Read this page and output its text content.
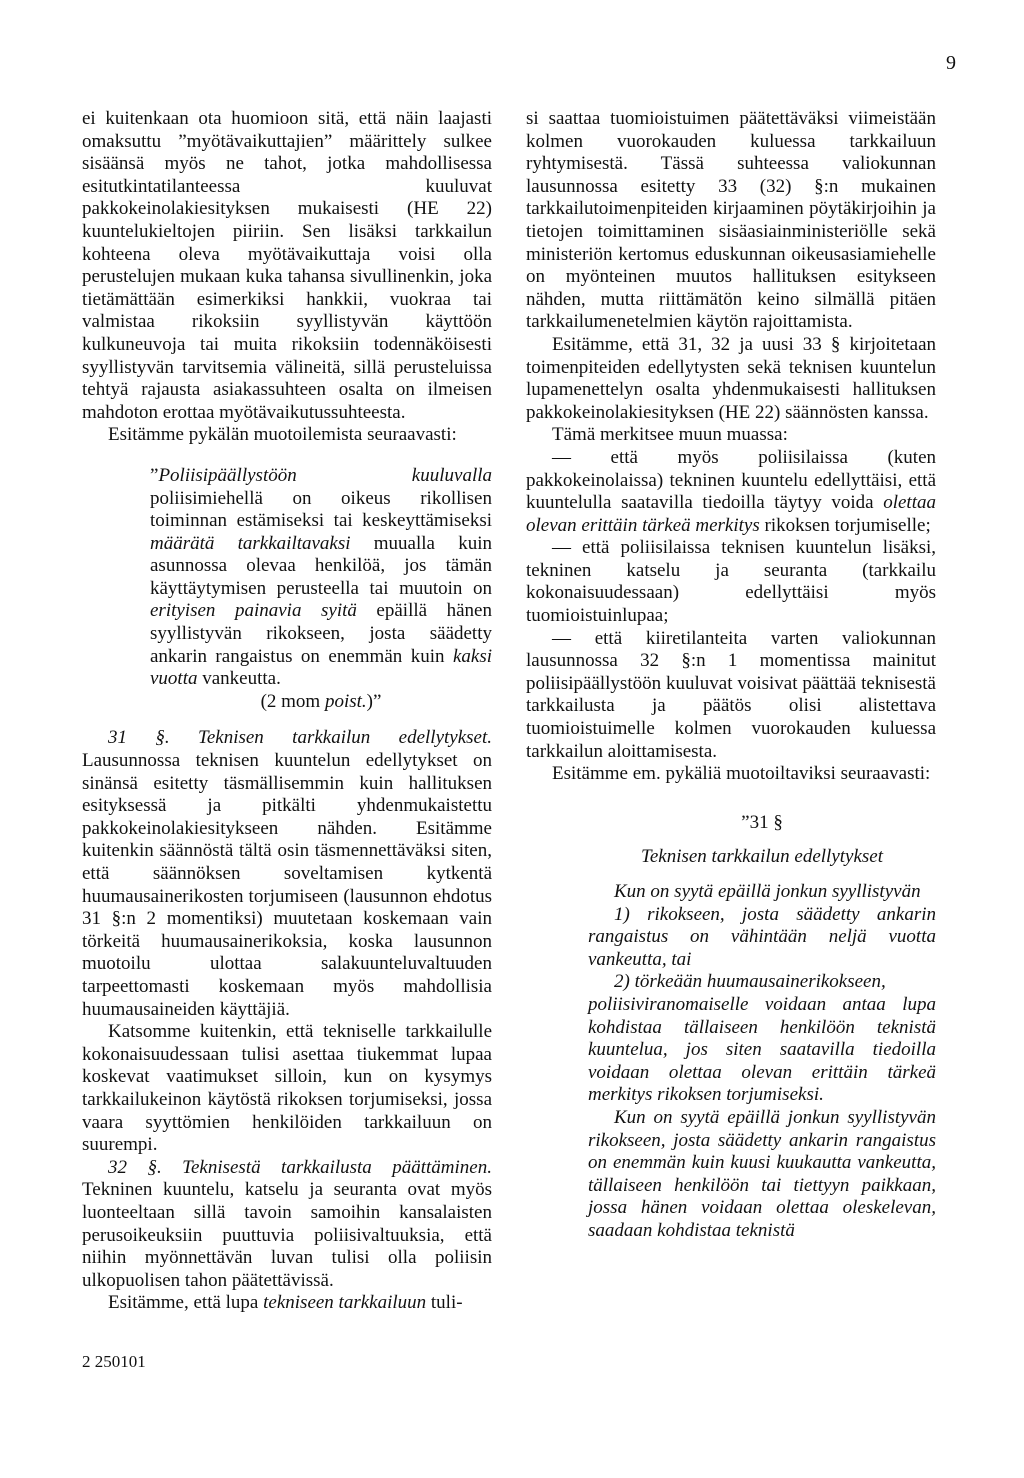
9

ei kuitenkaan ota huomioon sitä, että näin laajasti omaksuttu ”myötävaikuttajien” määrittely sulkee sisäänsä myös ne tahot, jotka mahdollisessa esitutkintatilanteessa kuuluvat pakkokeinolakiesityksen mukaisesti (HE 22) kuuntelukieltojen piiriin. Sen lisäksi tarkkailun kohteena oleva myötävaikuttaja voisi olla perustelujen mukaan kuka tahansa sivullinenkin, joka tietämättään esimerkiksi hankkii, vuokraa tai valmistaa rikoksiin syyllistyvän käyttöön kulkuneuvoja tai muita rikoksiin todennäköisesti syyllistyvän tarvitsemia välineitä, sillä perusteluissa tehtyä rajausta asiakassuhteen osalta on ilmeisen mahdoton erottaa myötävaikutussuhteesta.

Esitämme pykälän muotoilemista seuraavasti:

”Poliisipäällystöön kuuluvalla poliisimiehellä on oikeus rikollisen toiminnan estämiseksi tai keskeyttämiseksi määrätä tarkkailtavaksi muualla kuin asunnossa olevaa henkilöä, jos tämän käyttäytymisen perusteella tai muutoin on erityisen painavia syitä epäillä hänen syyllistyvän rikokseen, josta säädetty ankarin rangaistus on enemmän kuin kaksi vuotta vankeutta.

(2 mom poist.)”

31 §. Teknisen tarkkailun edellytykset. Lausunnossa teknisen kuuntelun edellytykset on sinänsä esitetty täsmällisemmin kuin hallituksen esityksessä ja pitkälti yhdenmukaistettu pakkokeinolakiesitykseen nähden. Esitämme kuitenkin säännöstä tältä osin täsmennettäväksi siten, että säännöksen soveltamisen kytkentä huumausainerikosten torjumiseen (lausunnon ehdotus 31 §:n 2 momentiksi) muutetaan koskemaan vain törkeitä huumausainerikoksia, koska lausunnon muotoilu ulottaa salakuunteluvaltuuden tarpeettomasti koskemaan myös mahdollisia huumausaineiden käyttäjiä.

Katsomme kuitenkin, että tekniselle tarkkailulle kokonaisuudessaan tulisi asettaa tiukemmat lupaa koskevat vaatimukset silloin, kun on kysymys tarkkailukeinon käytöstä rikoksen torjumiseksi, jossa vaara syyttömien henkilöiden tarkkailuun on suurempi.

32 §. Teknisestä tarkkailusta päättäminen. Tekninen kuuntelu, katselu ja seuranta ovat myös luonteeltaan sillä tavoin samoihin kansalaisten perusoikeuksiin puuttuvia poliisivaltuuksia, että niihin myönnettävän luvan tulisi olla poliisin ulkopuolisen tahon päätettävissä.

Esitämme, että lupa tekniseen tarkkailuun tuli-

si saattaa tuomioistuimen päätettäväksi viimeistään kolmen vuorokauden kuluessa tarkkailuun ryhtymisestä. Tässä suhteessa valiokunnan lausunnossa esitetty 33 (32) §:n mukainen tarkkailutoimenpiteiden kirjaaminen pöytäkirjoihin ja tietojen toimittaminen sisäasiainministeriölle sekä ministeriön kertomus eduskunnan oikeusasiamiehelle on myönteinen muutos hallituksen esitykseen nähden, mutta riittämätön keino silmällä pitäen tarkkailumenetelmien käytön rajoittamista.

Esitämme, että 31, 32 ja uusi 33 § kirjoitetaan toimenpiteiden edellytysten sekä teknisen kuuntelun lupamenettelyn osalta yhdenmukaisesti hallituksen pakkokeinolakiesityksen (HE 22) säännösten kanssa.

Tämä merkitsee muun muassa:

— että myös poliisilaissa (kuten pakkokeinolaissa) tekninen kuuntelu edellyttäisi, että kuuntelulla saatavilla tiedoilla täytyy voida olettaa olevan erittäin tärkeä merkitys rikoksen torjumiselle;

— että poliisilaissa teknisen kuuntelun lisäksi, tekninen katselu ja seuranta (tarkkailu kokonaisuudessaan) edellyttäisi myös tuomioistuinlupaa;

— että kiiretilanteita varten valiokunnan lausunnossa 32 §:n 1 momentissa mainitut poliisipäällystöön kuuluvat voisivat päättää teknisestä tarkkailusta ja päätös olisi alistettava tuomioistuimelle kolmen vuorokauden kuluessa tarkkailun aloittamisesta.

Esitämme em. pykäliä muotoiltaviksi seuraavasti:

”31 §

Teknisen tarkkailun edellytykset

Kun on syytä epäillä jonkun syyllistyvän

1) rikokseen, josta säädetty ankarin rangaistus on vähintään neljä vuotta vankeutta, tai

2) törkeään huumausainerikokseen,

poliisiviranomaiselle voidaan antaa lupa kohdistaa tällaiseen henkilöön teknistä kuuntelua, jos siten saatavilla tiedoilla voidaan olettaa olevan erittäin tärkeä merkitys rikoksen torjumiseksi.

Kun on syytä epäillä jonkun syyllistyvän rikokseen, josta säädetty ankarin rangaistus on enemmän kuin kuusi kuukautta vankeutta, tällaiseen henkilöön tai tiettyyn paikkaan, jossa hänen voidaan olettaa oleskelevan, saadaan kohdistaa teknistä

2 250101
